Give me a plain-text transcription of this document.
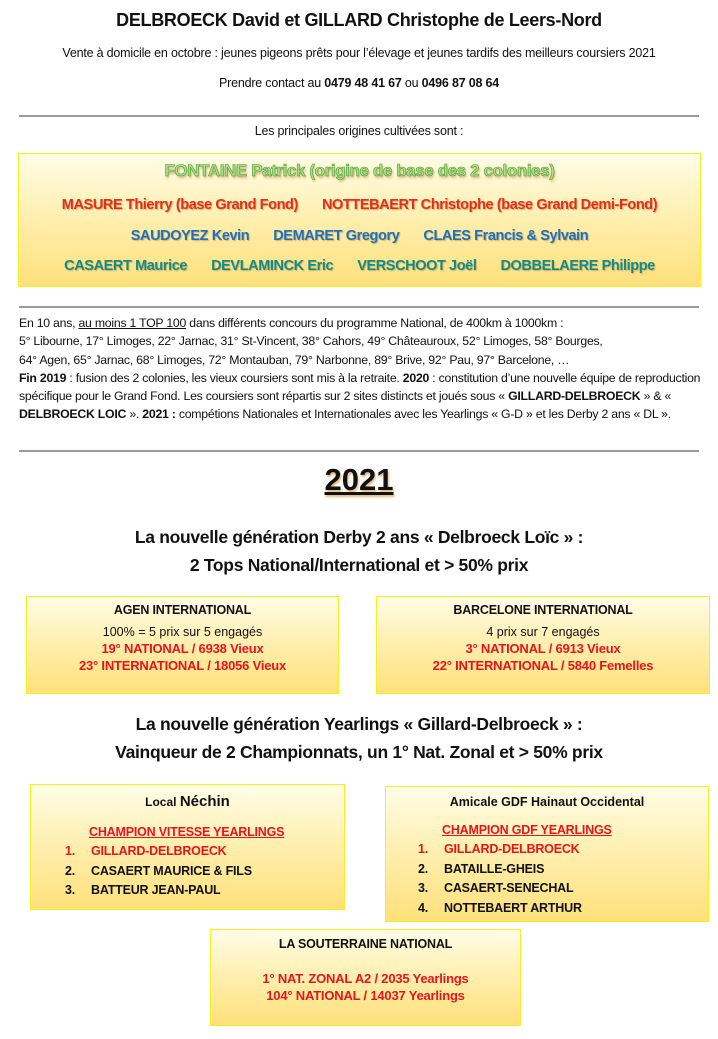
DELBROECK David et GILLARD Christophe de Leers-Nord
Vente à domicile en octobre : jeunes pigeons prêts pour l’élevage et jeunes tardifs des meilleurs coursiers 2021
Prendre contact au 0479 48 41 67 ou 0496 87 08 64
Les principales origines cultivées sont :
FONTAINE Patrick (origine de base des 2 colonies)
MASURE Thierry (base Grand Fond) NOTTEBAERT Christophe (base Grand Demi-Fond)
SAUDOYEZ Kevin DEMARET Gregory CLAES Francis & Sylvain
CASAERT Maurice DEVLAMINCK Eric VERSCHOOT Joël DOBBELAERE Philippe
En 10 ans, au moins 1 TOP 100 dans différents concours du programme National, de 400km à 1000km :
5° Libourne, 17° Limoges, 22° Jarnac, 31° St-Vincent, 38° Cahors, 49° Châteauroux, 52° Limoges, 58° Bourges,
64° Agen, 65° Jarnac, 68° Limoges, 72° Montauban, 79° Narbonne, 89° Brive, 92° Pau, 97° Barcelone, …
Fin 2019 : fusion des 2 colonies, les vieux coursiers sont mis à la retraite. 2020 : constitution d’une nouvelle équipe de reproduction spécifique pour le Grand Fond. Les coursiers sont répartis sur 2 sites distincts et joués sous « GILLARD-DELBROECK » & « DELBROECK LOIC ». 2021 : compétions Nationales et Internationales avec les Yearlings « G-D » et les Derby 2 ans « DL ».
2021
La nouvelle génération Derby 2 ans « Delbroeck Loïc » :
2 Tops National/International et > 50% prix
AGEN INTERNATIONAL
100% = 5 prix sur 5 engagés
19° NATIONAL / 6938 Vieux
23° INTERNATIONAL / 18056 Vieux
BARCELONE INTERNATIONAL
4 prix sur 7 engagés
3° NATIONAL / 6913 Vieux
22° INTERNATIONAL / 5840 Femelles
La nouvelle génération Yearlings « Gillard-Delbroeck » :
Vainqueur de 2 Championnats, un 1° Nat. Zonal et > 50% prix
Local Néchin
CHAMPION VITESSE YEARLINGS
1. GILLARD-DELBROECK
2. CASAERT MAURICE & FILS
3. BATTEUR JEAN-PAUL
Amicale GDF Hainaut Occidental
CHAMPION GDF YEARLINGS
1. GILLARD-DELBROECK
2. BATAILLE-GHEIS
3. CASAERT-SENECHAL
4. NOTTEBAERT ARTHUR
LA SOUTERRAINE NATIONAL
1° NAT. ZONAL A2 / 2035 Yearlings
104° NATIONAL / 14037 Yearlings
